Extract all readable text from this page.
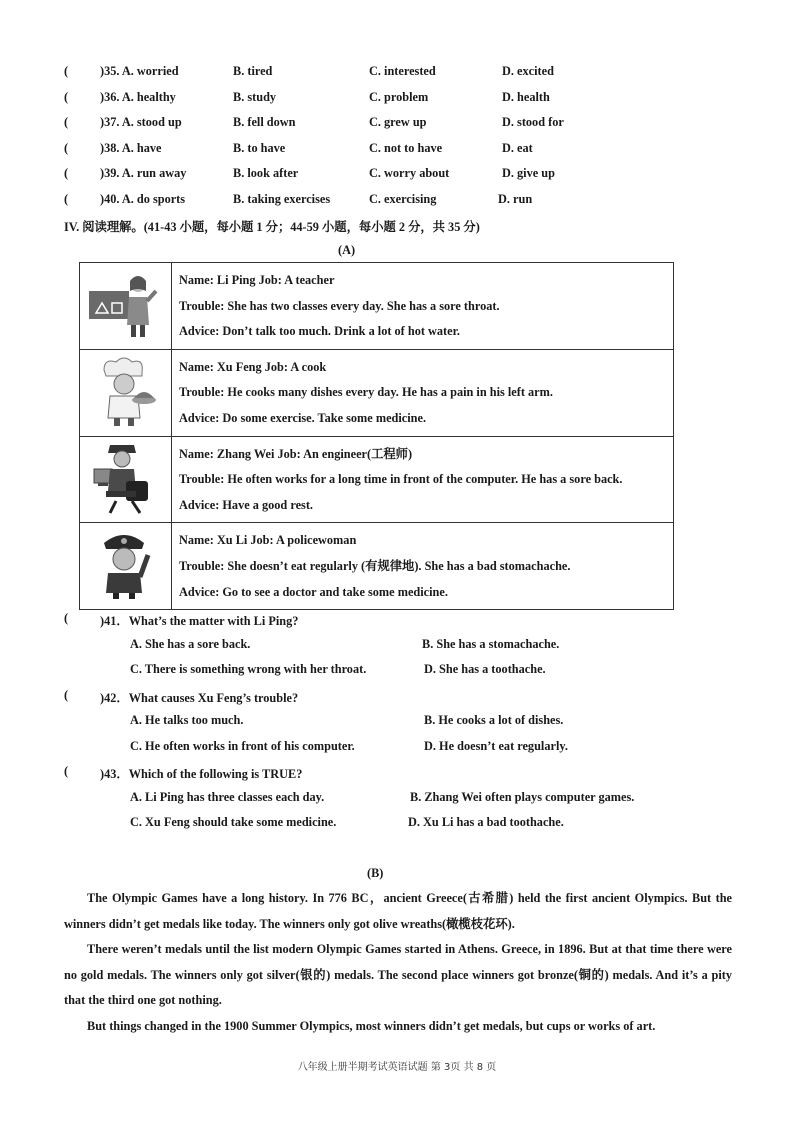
(	)35. A. worried	B. tired	C. interested	D. excited
(	)36. A. healthy	B. study	C. problem	D. health
(	)37. A. stood up	B. fell down	C. grew up	D. stood for
(	)38. A. have	B. to have	C. not to have	D. eat
(	)39. A. run away	B. look after	C. worry about	D. give up
(	)40. A. do sports	B. taking exercises	C. exercising	D. run
IV. 阅读理解。(41-43 小题，每小题 1 分；44-59 小题，每小题 2 分，共 35 分)
(A)

Name: Li Ping Job: A teacher
Trouble: She has two classes every day. She has a sore throat.
Advice: Don’t talk too much. Drink a lot of hot water.

Name: Xu Feng Job: A cook
Trouble: He cooks many dishes every day. He has a pain in his left arm.
Advice: Do some exercise. Take some medicine.

Name: Zhang Wei Job: An engineer(工程师)
Trouble: He often works for a long time in front of the computer. He has a sore back.
Advice: Have a good rest.

Name: Xu Li Job: A policewoman
Trouble: She doesn’t eat regularly (有规律地). She has a bad stomachache.
Advice: Go to see a doctor and take some medicine.
(	)41．What’s the matter with Li Ping?
A. She has a sore back.	B. She has a stomachache.
C. There is something wrong with her throat.	D. She has a toothache.
(	)42．What causes Xu Feng’s trouble?
A. He talks too much.	B. He cooks a lot of dishes.
C. He often works in front of his computer.	D. He doesn’t eat regularly.
(	)43．Which of the following is TRUE?
A. Li Ping has three classes each day.	B. Zhang Wei often plays computer games.
C. Xu Feng should take some medicine.	D. Xu Li has a bad toothache.
(B)

The Olympic Games have a long history. In 776 BC，ancient Greece(古希腊) held the first ancient Olympics. But the winners didn’t get medals like today. The winners only got olive wreaths(橄榄枝花环).

There weren’t medals until the list modern Olympic Games started in Athens. Greece, in 1896. But at that time there were no gold medals. The winners only got silver(银的) medals. The second place winners got bronze(铜的) medals. And it’s a pity that the third one got nothing.

But things changed in the 1900 Summer Olympics, most winners didn’t get medals, but cups or works of art.

八年级上册半期考试英语试题 第 3页 共 8 页
